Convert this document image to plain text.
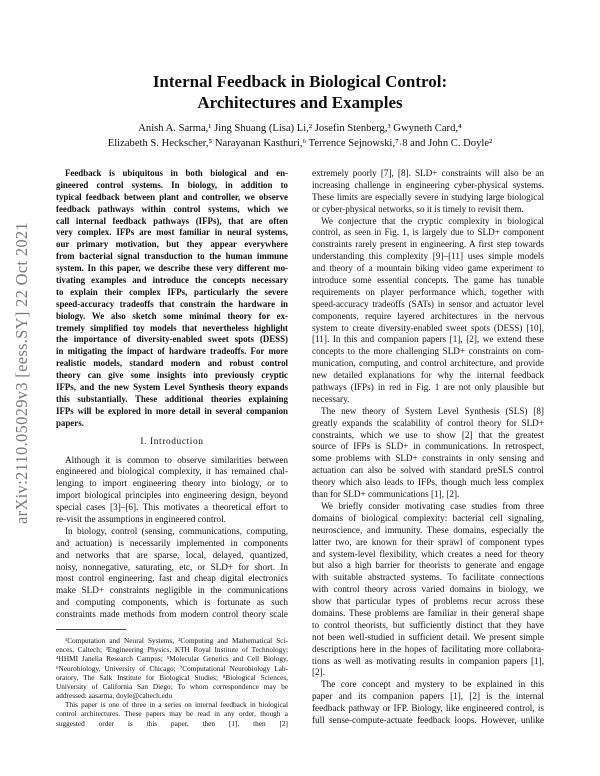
arXiv:2110.05029v3 [eess.SY] 22 Oct 2021
Internal Feedback in Biological Control:
Architectures and Examples
Anish A. Sarma,¹ Jing Shuang (Lisa) Li,² Josefin Stenberg,³ Gwyneth Card,⁴
Elizabeth S. Heckscher,⁵ Narayanan Kasthuri,⁶ Terrence Sejnowski,⁷˒8 and John C. Doyle²
Feedback is ubiquitous in both biological and en-
gineered control systems. In biology, in addition to
typical feedback between plant and controller, we observe
feedback pathways within control systems, which we
call internal feedback pathways (IFPs), that are often
very complex. IFPs are most familiar in neural systems,
our primary motivation, but they appear everywhere
from bacterial signal transduction to the human immune
system. In this paper, we describe these very different mo-
tivating examples and introduce the concepts necessary
to explain their complex IFPs, particularly the severe
speed-accuracy tradeoffs that constrain the hardware in
biology. We also sketch some minimal theory for ex-
tremely simplified toy models that nevertheless highlight
the importance of diversity-enabled sweet spots (DESS)
in mitigating the impact of hardware tradeoffs. For more
realistic models, standard modern and robust control
theory can give some insights into previously cryptic
IFPs, and the new System Level Synthesis theory expands
this substantially. These additional theories explaining
IFPs will be explored in more detail in several companion
papers.
I. Introduction
Although it is common to observe similarities between
engineered and biological complexity, it has remained chal-
lenging to import engineering theory into biology, or to
import biological principles into engineering design, beyond
special cases [3]–[6]. This motivates a theoretical effort to
re-visit the assumptions in engineered control.
In biology, control (sensing, communications, computing,
and actuation) is necessarily implemented in components
and networks that are sparse, local, delayed, quantized,
noisy, nonnegative, saturating, etc, or SLD+ for short. In
most control engineering, fast and cheap digital electronics
make SLD+ constraints negligible in the communications
and computing components, which is fortunate as such
constraints made methods from modern control theory scale
¹Computation and Neural Systems, ²Computing and Mathematical Sci-
ences, Caltech; ³Engineering Physics, KTH Royal Institute of Technology;
⁴HHMI Janelia Research Campus; ⁵Molecular Genetics and Cell Biology,
⁶Neurobiology, University of Chicago; ⁷Computational Neurobiology Lab-
oratory, The Salk Institute for Biological Studies; ⁸Biological Sciences,
University of California San Diego; To whom correspondence may be
addressed: aasarma, doyle@caltech.edu
This paper is one of three in a series on internal feedback in biological
control architectures. These papers may be read in any order, though a
suggested order is this paper, then [1], then [2]
extremely poorly [7], [8]. SLD+ constraints will also be an
increasing challenge in engineering cyber-physical systems.
These limits are especially severe in studying large biological
or cyber-physical networks, so it is timely to revisit them.
We conjecture that the cryptic complexity in biological
control, as seen in Fig. 1, is largely due to SLD+ component
constraints rarely present in engineering. A first step towards
understanding this complexity [9]–[11] uses simple models
and theory of a mountain biking video game experiment to
introduce some essential concepts. The game has tunable
requirements on player performance which, together with
speed-accuracy tradeoffs (SATs) in sensor and actuator level
components, require layered architectures in the nervous
system to create diversity-enabled sweet spots (DESS) [10],
[11]. In this and companion papers [1], [2], we extend these
concepts to the more challenging SLD+ constraints on com-
munication, computing, and control architecture, and provide
new detailed explanations for why the internal feedback
pathways (IFPs) in red in Fig. 1 are not only plausible but
necessary.
The new theory of System Level Synthesis (SLS) [8]
greatly expands the scalability of control theory for SLD+
constraints, which we use to show [2] that the greatest
source of IFPs is SLD+ in communications. In retrospect,
some problems with SLD+ constraints in only sensing and
actuation can also be solved with standard preSLS control
theory which also leads to IFPs, though much less complex
than for SLD+ communications [1], [2].
We briefly consider motivating case studies from three
domains of biological complexity: bacterial cell signaling,
neuroscience, and immunity. These domains, especially the
latter two, are known for their sprawl of component types
and system-level flexibility, which creates a need for theory
but also a high barrier for theorists to generate and engage
with suitable abstracted systems. To facilitate connections
with control theory across varied domains in biology, we
show that particular types of problems recur across these
domains. These problems are familiar in their general shape
to control theorists, but sufficiently distinct that they have
not been well-studied in sufficient detail. We present simple
descriptions here in the hopes of facilitating more collabora-
tions as well as motivating results in companion papers [1],
[2].
The core concept and mystery to be explained in this
paper and its companion papers [1], [2] is the internal
feedback pathway or IFP. Biology, like engineered control, is
full sense-compute-actuate feedback loops. However, unlike
